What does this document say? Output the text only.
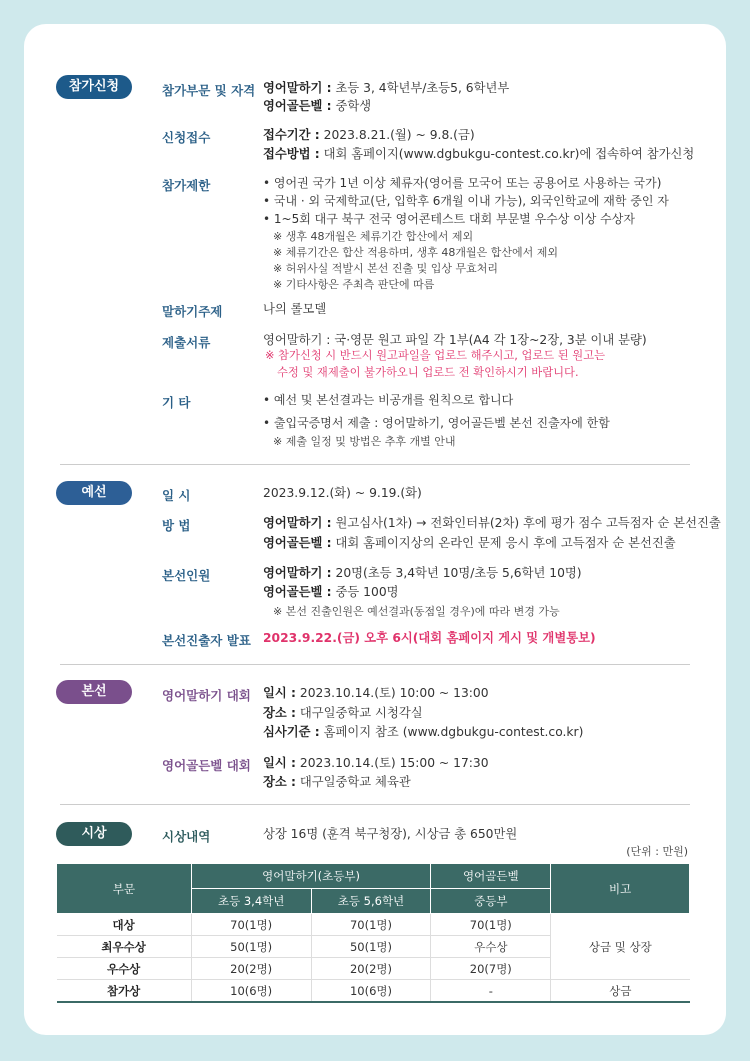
참가신청	참가부문 및 자격 영어말하기 : 초등 3, 4학년부/초등5, 6학년부
영어골든벨 : 중학생
신청접수	접수기간 : 2023.8.21.(월) ~ 9.8.(금)
접수방법 : 대회 홈페이지(www.dgbukgu-contest.co.kr)에 접속하여 참가신청
참가제한	• 영어권 국가 1년 이상 체류자(영어를 모국어 또는 공용어로 사용하는 국가)
• 국내 · 외 국제학교(단, 입학후 6개월 이내 가능), 외국인학교에 재학 중인 자
• 1~5회 대구 북구 전국 영어콘테스트 대회 부문별 우수상 이상 수상자
※ 생후 48개월은 체류기간 합산에서 제외
※ 체류기간은 합산 적용하며, 생후 48개월은 합산에서 제외
※ 허위사실 적발시 본선 진출 및 입상 무효처리
※ 기타사항은 주최측 판단에 따름
말하기주제	나의 롤모델
제출서류	영어말하기 : 국·영문 원고 파일 각 1부(A4 각 1장~2장, 3분 이내 분량)
※ 참가신청 시 반드시 원고파일을 업로드 해주시고, 업로드 된 원고는
수정 및 재제출이 불가하오니 업로드 전 확인하시기 바랍니다.
기 타	• 예선 및 본선결과는 비공개를 원칙으로 합니다
• 출입국증명서 제출 : 영어말하기, 영어골든벨 본선 진출자에 한함
※ 제출 일정 및 방법은 추후 개별 안내
예선	일 시	2023.9.12.(화) ~ 9.19.(화)
방 법	영어말하기 : 원고심사(1차) → 전화인터뷰(2차) 후에 평가 점수 고득점자 순 본선진출
영어골든벨 : 대회 홈페이지상의 온라인 문제 응시 후에 고득점자 순 본선진출
본선인원	영어말하기 : 20명(초등 3,4학년 10명/초등 5,6학년 10명)
영어골든벨 : 중등 100명
※ 본선 진출인원은 예선결과(동점일 경우)에 따라 변경 가능
본선진출자 발표 2023.9.22.(금) 오후 6시(대회 홈페이지 게시 및 개별통보)
본선	영어말하기 대회 일시 : 2023.10.14.(토) 10:00 ~ 13:00
장소 : 대구일중학교 시청각실
심사기준 : 홈페이지 참조 (www.dgbukgu-contest.co.kr)
영어골든벨 대회 일시 : 2023.10.14.(토) 15:00 ~ 17:30
장소 : 대구일중학교 체육관
시상	시상내역	상장 16명 (훈격 북구청장), 시상금 총 650만원
(단위 : 만원)
부문	영어말하기(초등부)		영어골든벨	비고
	초등 3,4학년	초등 5,6학년	중등부	
대상	70(1명)	70(1명)	70(1명)	상금 및 상장
최우수상	50(1명)	50(1명)	우수상	
우수상	20(2명)	20(2명)	20(7명)	
참가상	10(6명)	10(6명)	-	상금
